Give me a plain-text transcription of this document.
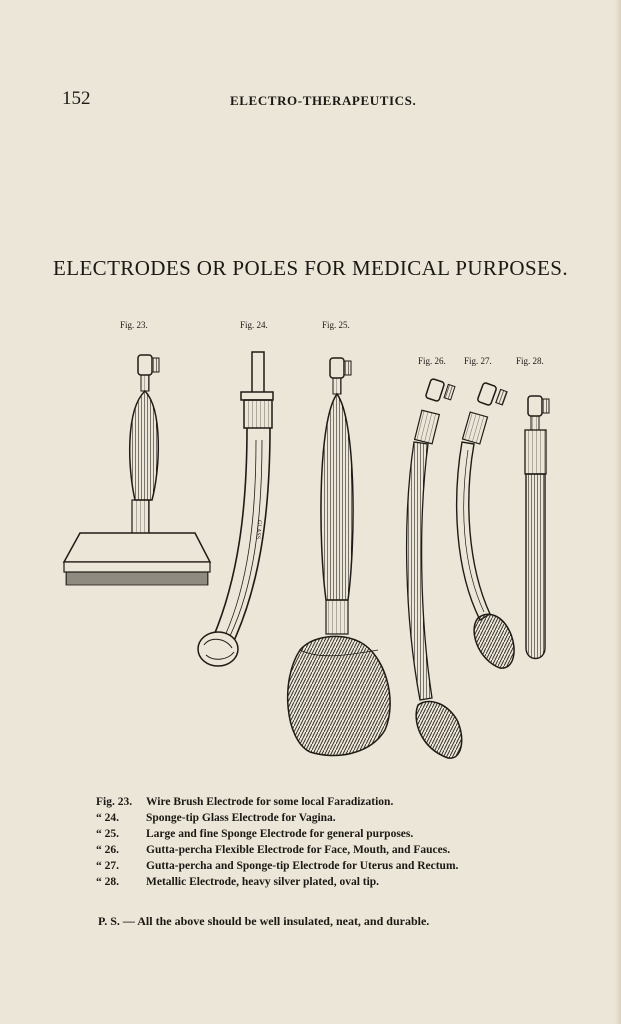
152	ELECTRO-THERAPEUTICS.
ELECTRODES OR POLES FOR MEDICAL PURPOSES.
Fig. 23.	Fig. 24.	Fig. 25.
Fig. 26. Fig. 27.	Fig. 28.
GLASS
Fig. 23.	Wire Brush Electrode for some local Faradization.
“ 24.	Sponge-tip Glass Electrode for Vagina.
“ 25.	Large and fine Sponge Electrode for general purposes.
“ 26.	Gutta-percha Flexible Electrode for Face, Mouth, and Fauces.
“ 27.	Gutta-percha and Sponge-tip Electrode for Uterus and Rectum.
“ 28.	Metallic Electrode, heavy silver plated, oval tip.
P. S. — All the above should be well insulated, neat, and durable.
